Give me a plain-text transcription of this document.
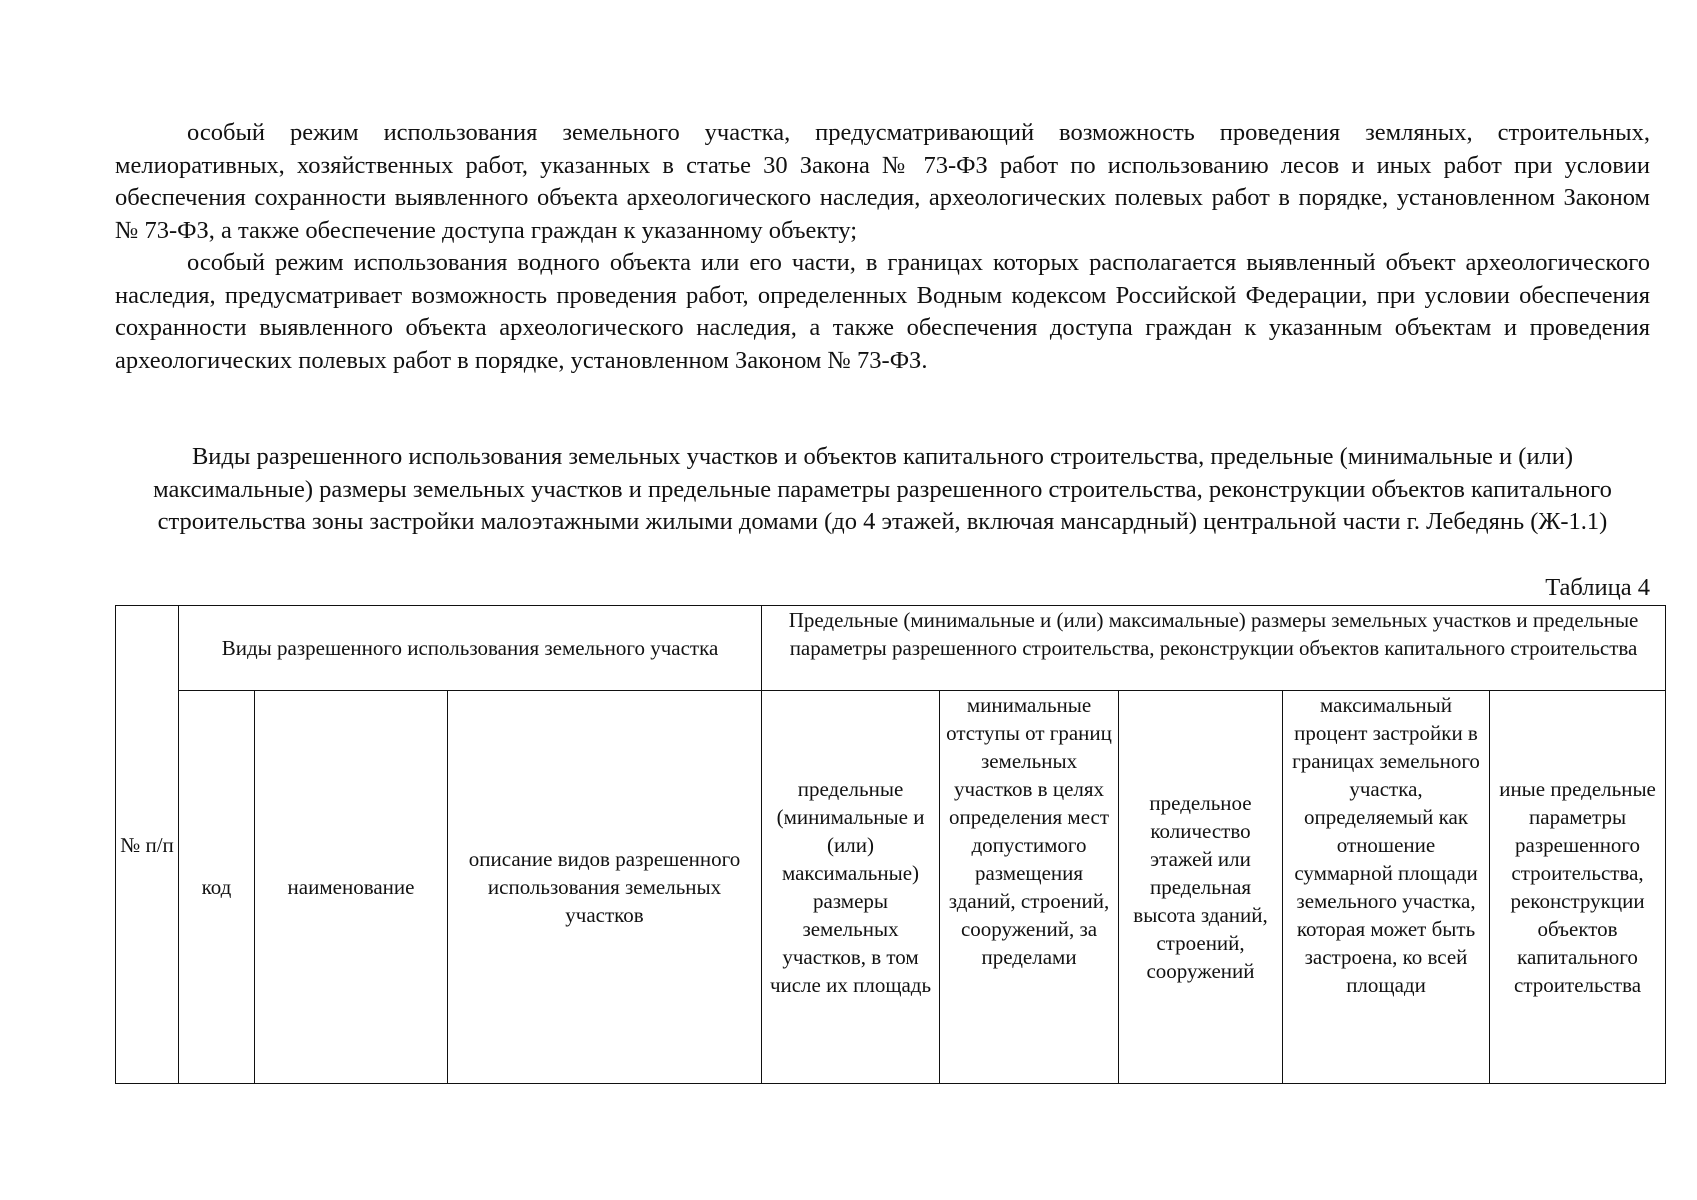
особый режим использования земельного участка, предусматривающий возможность проведения земляных, строительных, мелиоративных, хозяйственных работ, указанных в статье 30 Закона № 73-ФЗ работ по использованию лесов и иных работ при условии обеспечения сохранности выявленного объекта археологического наследия, археологических полевых работ в порядке, установленном Законом № 73-ФЗ, а также обеспечение доступа граждан к указанному объекту;

особый режим использования водного объекта или его части, в границах которых располагается выявленный объект археологического наследия, предусматривает возможность проведения работ, определенных Водным кодексом Российской Федерации, при условии обеспечения сохранности выявленного объекта археологического наследия, а также обеспечения доступа граждан к указанным объектам и проведения археологических полевых работ в порядке, установленном Законом № 73-ФЗ.

Виды разрешенного использования земельных участков и объектов капитального строительства, предельные (минимальные и (или) максимальные) размеры земельных участков и предельные параметры разрешенного строительства, реконструкции объектов капитального строительства зоны застройки малоэтажными жилыми домами (до 4 этажей, включая мансардный) центральной части г. Лебедянь (Ж-1.1)
Таблица 4
№ п/п	Виды разрешенного использования земельного участка			Предельные (минимальные и (или) максимальные) размеры земельных участков и предельные параметры разрешенного строительства, реконструкции объектов капитального строительства				

	код	наименование	описание видов разрешенного использования земельных участков	предельные (минимальные и (или) максимальные) размеры земельных участков, в том числе их площадь	минимальные отступы от границ земельных участков в целях определения мест допустимого размещения зданий, строений, сооружений, за пределами	предельное количество этажей или предельная высота зданий, строений, сооружений	максимальный процент застройки в границах земельного участка, определяемый как отношение суммарной площади земельного участка, которая может быть застроена, ко всей площади	иные предельные параметры разрешенного строительства, реконструкции объектов капитального строительства
